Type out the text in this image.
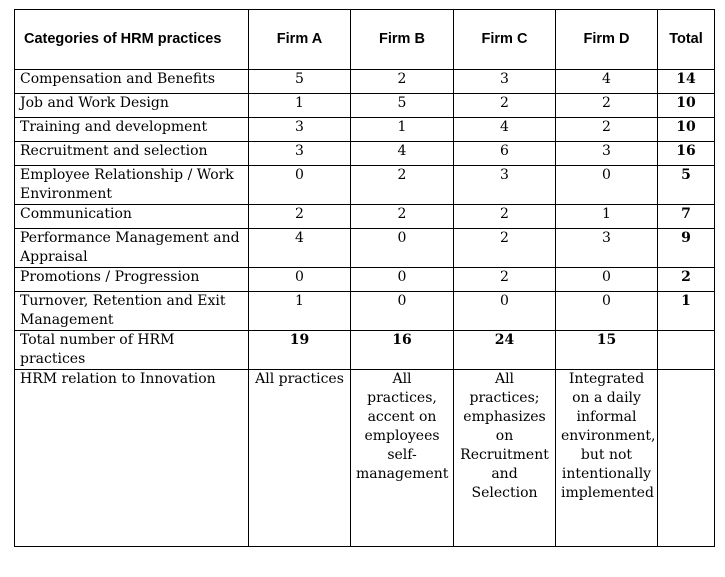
Categories of HRM practices	Firm A	Firm B	Firm C	Firm D	Total
Compensation and Benefits	5	2	3	4	14
Job and Work Design	1	5	2	2	10
Training and development	3	1	4	2	10
Recruitment and selection	3	4	6	3	16
Employee Relationship / Work Environment	0	2	3	0	5
Communication	2	2	2	1	7
Performance Management and Appraisal	4	0	2	3	9
Promotions / Progression	0	0	2	0	2
Turnover, Retention and Exit Management	1	0	0	0	1
Total number of HRM practices	19	16	24	15	
HRM relation to Innovation	All practices	All practices, accent on employees self-management	All practices; emphasizes on Recruitment and Selection	Integrated on a daily informal environment, but not intentionally implemented	
